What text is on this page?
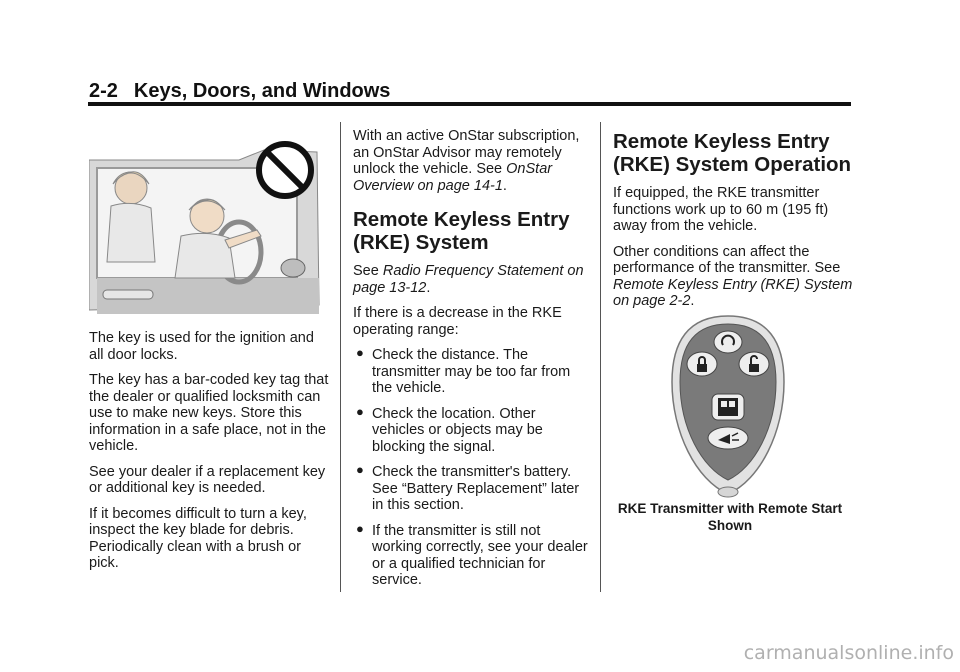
2-2 Keys, Doors, and Windows

The key is used for the ignition and all door locks.

The key has a bar-coded key tag that the dealer or qualified locksmith can use to make new keys. Store this information in a safe place, not in the vehicle.

See your dealer if a replacement key or additional key is needed.

If it becomes difficult to turn a key, inspect the key blade for debris. Periodically clean with a brush or pick.

With an active OnStar subscription, an OnStar Advisor may remotely unlock the vehicle. See OnStar Overview on page 14-1.

Remote Keyless Entry (RKE) System

See Radio Frequency Statement on page 13-12.

If there is a decrease in the RKE operating range:

● Check the distance. The transmitter may be too far from the vehicle.
● Check the location. Other vehicles or objects may be blocking the signal.
● Check the transmitter's battery. See “Battery Replacement” later in this section.
● If the transmitter is still not working correctly, see your dealer or a qualified technician for service.
Remote Keyless Entry (RKE) System Operation

If equipped, the RKE transmitter functions work up to 60 m (195 ft) away from the vehicle.

Other conditions can affect the performance of the transmitter. See Remote Keyless Entry (RKE) System on page 2-2.

RKE Transmitter with Remote Start Shown
carmanualsonline.info
